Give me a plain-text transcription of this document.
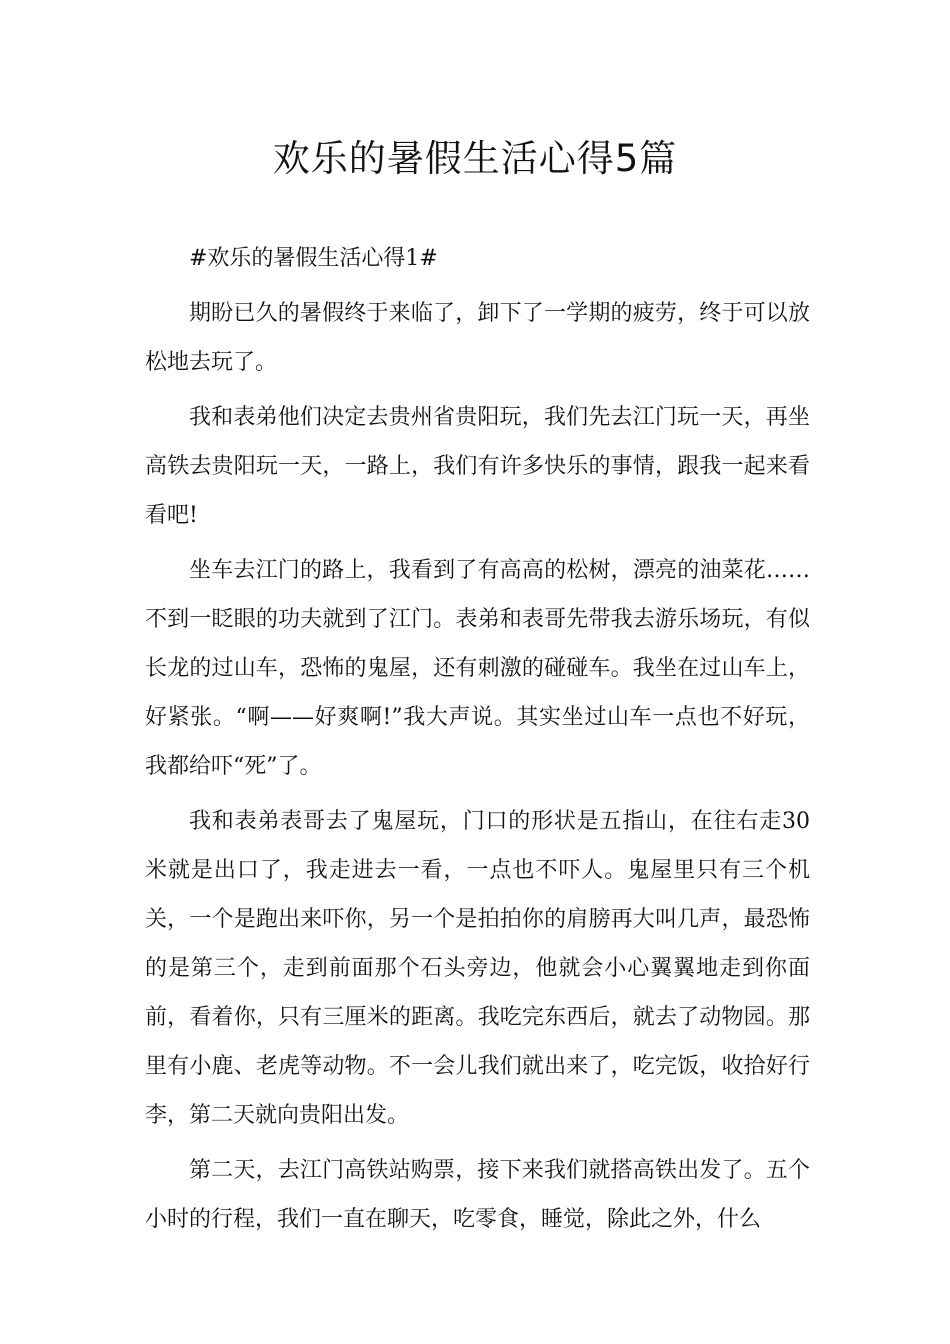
欢乐的暑假生活心得5篇

#欢乐的暑假生活心得1#

期盼已久的暑假终于来临了，卸下了一学期的疲劳，终于可以放松地去玩了。

我和表弟他们决定去贵州省贵阳玩，我们先去江门玩一天，再坐高铁去贵阳玩一天，一路上，我们有许多快乐的事情，跟我一起来看看吧!

坐车去江门的路上，我看到了有高高的松树，漂亮的油菜花……不到一眨眼的功夫就到了江门。表弟和表哥先带我去游乐场玩，有似长龙的过山车，恐怖的鬼屋，还有刺激的碰碰车。我坐在过山车上，好紧张。“啊——好爽啊!”我大声说。其实坐过山车一点也不好玩，我都给吓“死”了。

我和表弟表哥去了鬼屋玩，门口的形状是五指山，在往右走30米就是出口了，我走进去一看，一点也不吓人。鬼屋里只有三个机关，一个是跑出来吓你，另一个是拍拍你的肩膀再大叫几声，最恐怖的是第三个，走到前面那个石头旁边，他就会小心翼翼地走到你面前，看着你，只有三厘米的距离。我吃完东西后，就去了动物园。那里有小鹿、老虎等动物。不一会儿我们就出来了，吃完饭，收拾好行李，第二天就向贵阳出发。

第二天，去江门高铁站购票，接下来我们就搭高铁出发了。五个小时的行程，我们一直在聊天，吃零食，睡觉，除此之外，什么
